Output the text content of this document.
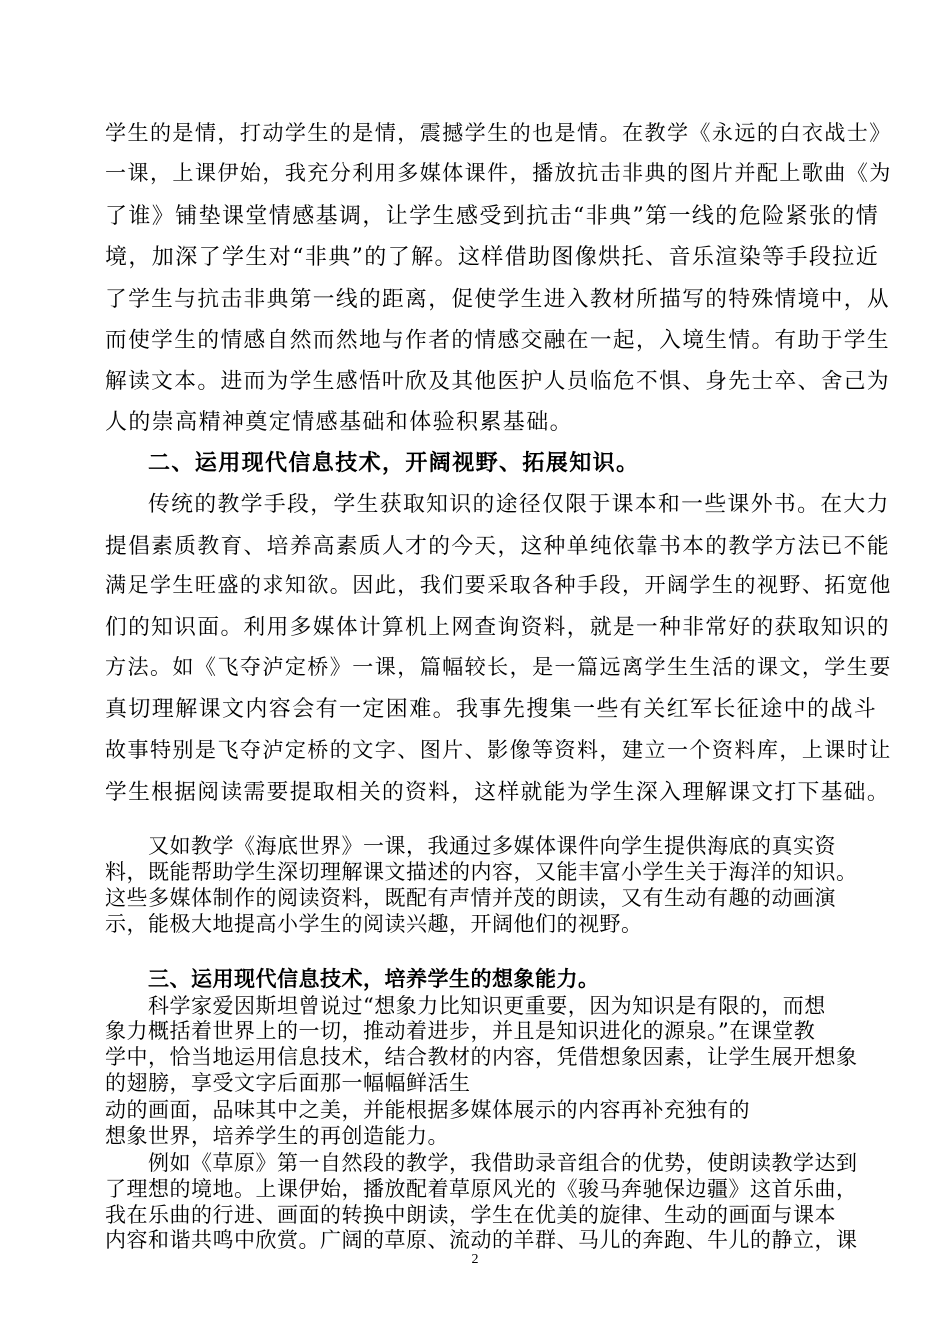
学生的是情，打动学生的是情，震撼学生的也是情。在教学《永远的白衣战士》
一课，上课伊始，我充分利用多媒体课件，播放抗击非典的图片并配上歌曲《为
了谁》铺垫课堂情感基调，让学生感受到抗击“非典”第一线的危险紧张的情
境，加深了学生对“非典”的了解。这样借助图像烘托、音乐渲染等手段拉近
了学生与抗击非典第一线的距离，促使学生进入教材所描写的特殊情境中，从
而使学生的情感自然而然地与作者的情感交融在一起，入境生情。有助于学生
解读文本。进而为学生感悟叶欣及其他医护人员临危不惧、身先士卒、舍己为
人的崇高精神奠定情感基础和体验积累基础。
二、运用现代信息技术，开阔视野、拓展知识。
传统的教学手段，学生获取知识的途径仅限于课本和一些课外书。在大力
提倡素质教育、培养高素质人才的今天，这种单纯依靠书本的教学方法已不能
满足学生旺盛的求知欲。因此，我们要采取各种手段，开阔学生的视野、拓宽他
们的知识面。利用多媒体计算机上网查询资料，就是一种非常好的获取知识的
方法。如《飞夺泸定桥》一课，篇幅较长，是一篇远离学生生活的课文，学生要
真切理解课文内容会有一定困难。我事先搜集一些有关红军长征途中的战斗
故事特别是飞夺泸定桥的文字、图片、影像等资料，建立一个资料库，上课时让
学生根据阅读需要提取相关的资料，这样就能为学生深入理解课文打下基础。
又如教学《海底世界》一课，我通过多媒体课件向学生提供海底的真实资
料，既能帮助学生深切理解课文描述的内容，又能丰富小学生关于海洋的知识。
这些多媒体制作的阅读资料，既配有声情并茂的朗读，又有生动有趣的动画演
示，能极大地提高小学生的阅读兴趣，开阔他们的视野。
三、运用现代信息技术，培养学生的想象能力。
科学家爱因斯坦曾说过“想象力比知识更重要，因为知识是有限的，而想
象力概括着世界上的一切，推动着进步，并且是知识进化的源泉。”在课堂教
学中，恰当地运用信息技术，结合教材的内容，凭借想象因素，让学生展开想象
的翅膀，享受文字后面那一幅幅鲜活生
动的画面，品味其中之美，并能根据多媒体展示的内容再补充独有的
想象世界，培养学生的再创造能力。
例如《草原》第一自然段的教学，我借助录音组合的优势，使朗读教学达到
了理想的境地。上课伊始，播放配着草原风光的《骏马奔驰保边疆》这首乐曲，
我在乐曲的行进、画面的转换中朗读，学生在优美的旋律、生动的画面与课本
内容和谐共鸣中欣赏。广阔的草原、流动的羊群、马儿的奔跑、牛儿的静立，课
2
